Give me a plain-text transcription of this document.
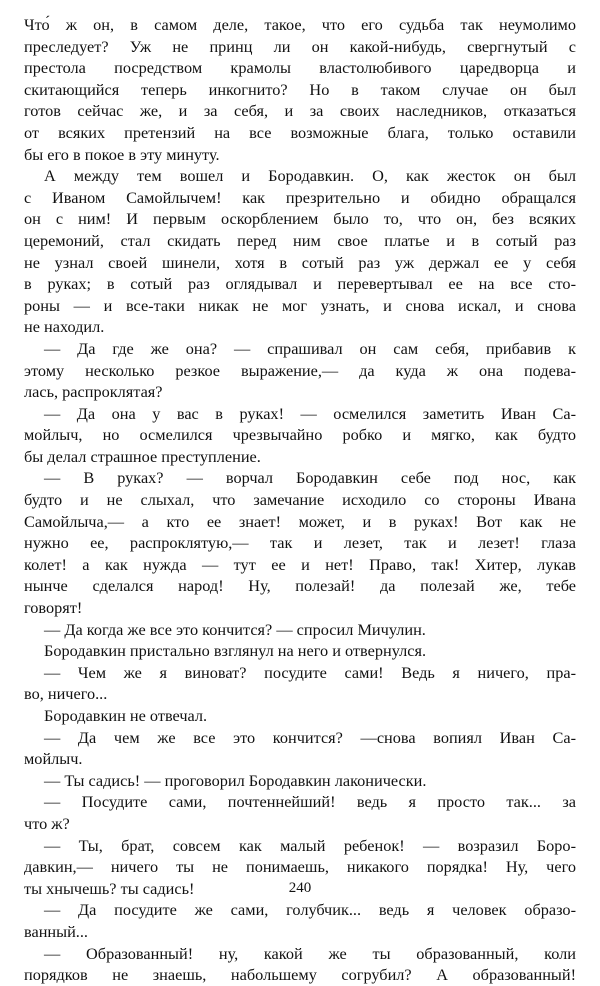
Что́ ж он, в самом деле, такое, что его судьба так неумолимо
преследует? Уж не принц ли он какой-нибудь, свергнутый с
престола посредством крамолы властолюбивого царедворца и
скитающийся теперь инкогнито? Но в таком случае он был
готов сейчас же, и за себя, и за своих наследников, отказаться
от всяких претензий на все возможные блага, только оставили
бы его в покое в эту минуту.
А между тем вошел и Бородавкин. О, как жесток он был
с Иваном Самойлычем! как презрительно и обидно обращался
он с ним! И первым оскорблением было то, что он, без всяких
церемоний, стал скидать перед ним свое платье и в сотый раз
не узнал своей шинели, хотя в сотый раз уж держал ее у себя
в руках; в сотый раз оглядывал и перевертывал ее на все сто-
роны — и все-таки никак не мог узнать, и снова искал, и снова
не находил.
— Да где же она? — спрашивал он сам себя, прибавив к
этому несколько резкое выражение,— да куда ж она подева-
лась, распроклятая?
— Да она у вас в руках! — осмелился заметить Иван Са-
мойлыч, но осмелился чрезвычайно робко и мягко, как будто
бы делал страшное преступление.
— В руках? — ворчал Бородавкин себе под нос, как
будто и не слыхал, что замечание исходило со стороны Ивана
Самойлыча,— а кто ее знает! может, и в руках! Вот как не
нужно ее, распроклятую,— так и лезет, так и лезет! глаза
колет! а как нужда — тут ее и нет! Право, так! Хитер, лукав
нынче сделался народ! Ну, полезай! да полезай же, тебе
говорят!
— Да когда же все это кончится? — спросил Мичулин.
Бородавкин пристально взглянул на него и отвернулся.
— Чем же я виноват? посудите сами! Ведь я ничего, пра-
во, ничего...
Бородавкин не отвечал.
— Да чем же все это кончится? —снова вопиял Иван Са-
мойлыч.
— Ты садись! — проговорил Бородавкин лаконически.
— Посудите сами, почтеннейший! ведь я просто так... за
что ж?
— Ты, брат, совсем как малый ребенок! — возразил Боро-
давкин,— ничего ты не понимаешь, никакого порядка! Ну, чего
ты хнычешь? ты садись!
— Да посудите же сами, голубчик... ведь я человек образо-
ванный...
— Образованный! ну, какой же ты образованный, коли
порядков не знаешь, набольшему согрубил? А образованный!
240
